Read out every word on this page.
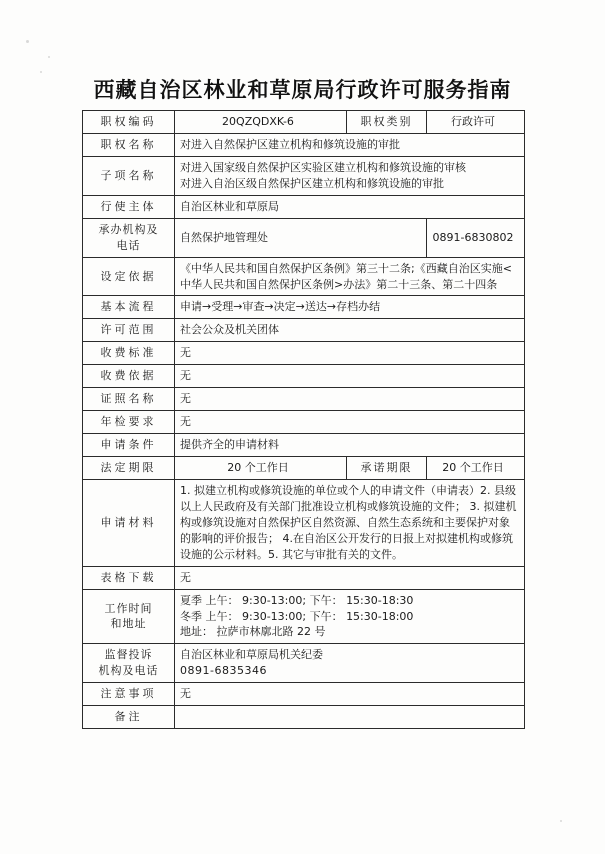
西藏自治区林业和草原局行政许可服务指南
职权编码	20QZQDXK-6	职权类别	行政许可
职权名称	对进入自然保护区建立机构和修筑设施的审批		
子项名称	对进入国家级自然保护区实验区建立机构和修筑设施的审核
对进入自治区级自然保护区建立机构和修筑设施的审批		

行使主体	自治区林业和草原局		

承办机构及
电话	自然保护地管理处		0891-6830802
设定依据	《中华人民共和国自然保护区条例》第三十二条;《西藏自治区实施<中华人民共和国自然保护区条例>办法》第二十三条、第二十四条		
基本流程	申请→受理→审查→决定→送达→存档办结		
许可范围	社会公众及机关团体		
收费标准	无		
收费依据	无		
证照名称	无		
年检要求	无		
申请条件	提供齐全的申请材料		
法定期限	20 个工作日	承诺期限	20 个工作日
申请材料	1. 拟建立机构或修筑设施的单位或个人的申请文件（申请表）2. 县级以上人民政府及有关部门批准设立机构或修筑设施的文件； 3. 拟建机构或修筑设施对自然保护区自然资源、自然生态系统和主要保护对象的影响的评价报告； 4.在自治区公开发行的日报上对拟建机构或修筑设施的公示材料。5. 其它与审批有关的文件。		
表格下载	无		

工作时间
和地址	夏季 上午： 9:30-13:00; 下午： 15:30-18:30
冬季 上午： 9:30-13:00; 下午： 15:30-18:00
地址： 拉萨市林廓北路 22 号		

监督投诉
机构及电话	自治区林业和草原局机关纪委
0891-6835346		

注意事项	无		
备注			
